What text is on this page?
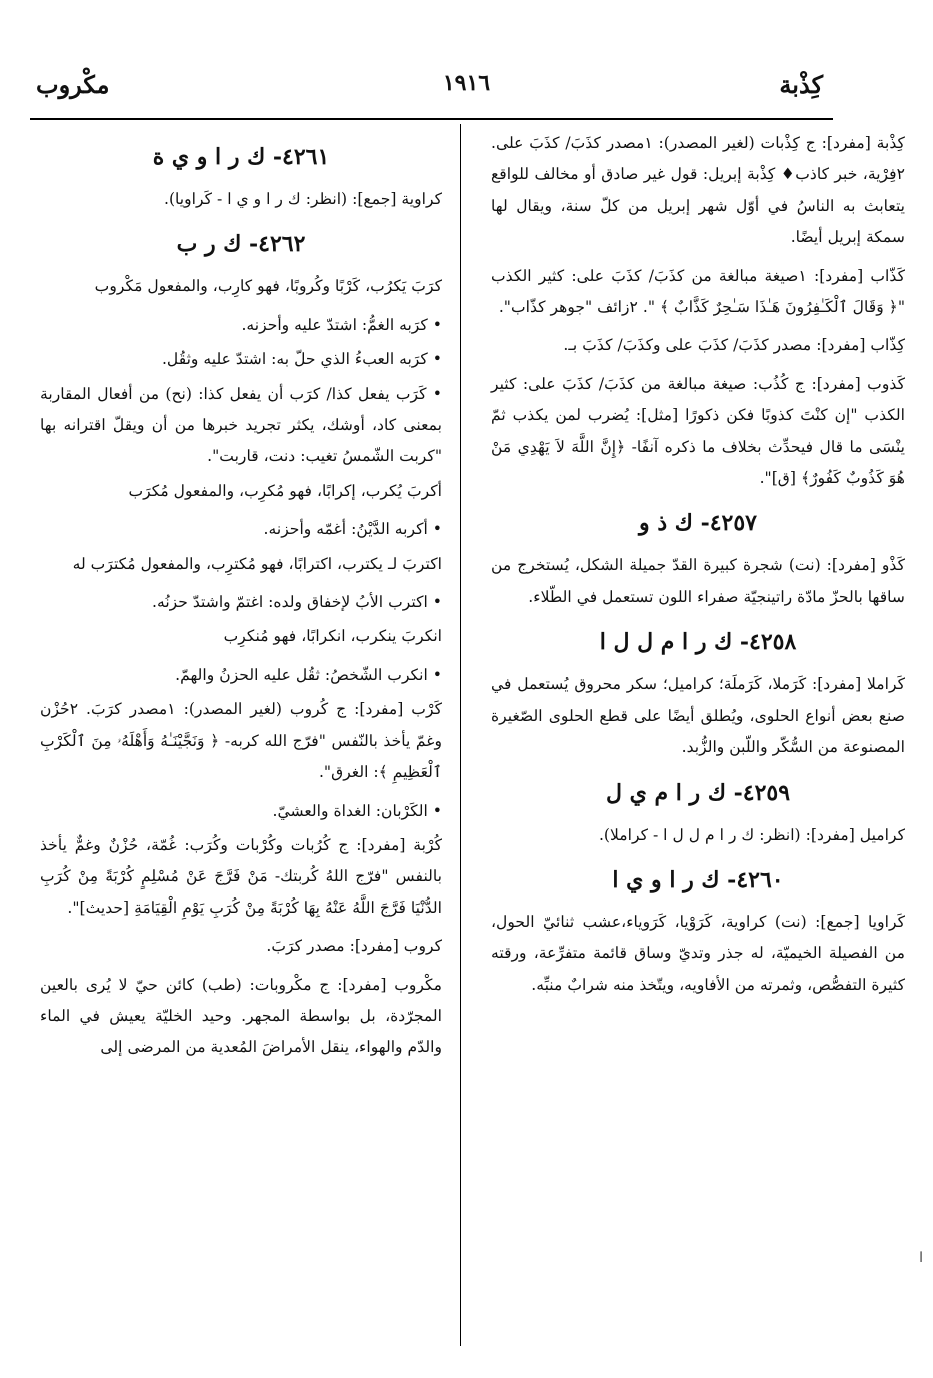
كِذْبة
١٩١٦
مكْروب
كِذْبة [مفرد]: ج كِذْبات (لغير المصدر): ١مصدر كذَبَ/ كذَبَ على. ٢فِرْية، خبر كاذب♦ كِذْبة إبريل: قول غير صادق أو مخالف للواقع يتعابث به الناسُ في أوّل شهر إبريل من كلّ سنة، ويقال لها سمكة إبريل أيضًا.
كَذّاب [مفرد]: ١صيغة مبالغة من كذَبَ/ كذَبَ على: كثير الكذب "﴿ وَقَالَ ٱلْكَـٰفِرُونَ هَـٰذَا سَـٰحِرٌ كَذَّابٌ ﴾ ". ٢زائف "جوهر كذّاب".
كِذّاب [مفرد]: مصدر كذَبَ/ كذَبَ على وكذَبَ/ كذَبَ بـ.
كَذوب [مفرد]: ج كُذُب: صيغة مبالغة من كذَبَ/ كذَبَ على: كثير الكذب "إن كنْتَ كذوبًا فكن ذكورًا [مثل]: يُضرب لمن يكذب ثمّ ينْسَى ما قال فيحدِّث بخلاف ما ذكره آنفًا- ﴿إِنَّ اللَّهَ لاَ يَهْدِي مَنْ هُوَ كَذُوبٌ كَفُورٌ﴾ [ق]".
٤٢٥٧- ك ذ و
كَذْو [مفرد]: (نت) شجرة كبيرة القدّ جميلة الشكل، يُستخرج من ساقها بالحزّ مادّة راتينجيّة صفراء اللون تستعمل في الطّلاء.
٤٢٥٨- ك ر ا م ل ل ا
كَراملا [مفرد]: كَرَملا، كَرَملَة؛ كراميل؛ سكر محروق يُستعمل في صنع بعض أنواع الحلوى، ويُطلق أيضًا على قطع الحلوى الصّغيرة المصنوعة من السُّكّر واللّبن والزُّبد.
٤٢٥٩- ك ر ا م ي ل
كراميل [مفرد]: (انظر: ك ر ا م ل ل ا - كراملا).
٤٢٦٠- ك ر ا و ي ا
كَراويا [جمع]: (نت) كراوية، كَرَوْيا، كَرَوياء،عشب ثنائيّ الحول، من الفصيلة الخيميّة، له جذر وتديّ وساق قائمة متفرِّعة، ورقته كثيرة التفصُّص، وثمرته من الأفاويه، ويتّخذ منه شرابٌ منبِّه.
٤٢٦١- ك ر ا و ي ة
كراوية [جمع]: (انظر: ك ر ا و ي ا - كَراويا).
٤٢٦٢- ك ر ب
كرَبَ يَكرُب، كَرْبًا وكُروبًا، فهو كارِب، والمفعول مَكْروب
• كرَبه الغمُّ: اشتدّ عليه وأحزنه.
• كرَبه العبءُ الذي حلّ به: اشتدّ عليه وثقُل.
• كَرَب يفعل كذا/ كرَب أن يفعل كذا: (نح) من أفعال المقاربة بمعنى كاد، أوشك، يكثر تجريد خبرها من أن ويقلّ اقترانه بها "كربت الشّمسُ تغيب: دنت، قاربت".
أكربَ يُكرب، إكرابًا، فهو مُكرِب، والمفعول مُكرَب
• أكربه الدَّيْنُ: أغمّه وأحزنه.
اكتربَ لـ يكترب، اكترابًا، فهو مُكترِب، والمفعول مُكترَب له
• اكترب الأبُ لإخفاق ولده: اغتمّ واشتدّ حزنُه.
انكربَ ينكرب، انكرابًا، فهو مُنكرِب
• انكرب الشّخصُ: ثقُل عليه الحزنُ والهمّ.
كَرْب [مفرد]: ج كُروب (لغير المصدر): ١مصدر كرَبَ. ٢حُزْن وغمّ يأخذ بالنّفس "فرّج الله كربه- ﴿ وَنَجَّيْنَـٰهُ وَأَهْلَهُۥ مِنَ ٱلْكَرْبِ ٱلْعَظِيمِ ﴾: الغرق".
• الكَرْبان: الغداة والعشيّ.
كُرْبة [مفرد]: ج كُرُبات وكُرْبات وكُرَب: غُمّة، حُزْنٌ وغمٌّ يأخذ بالنفس "فرّج اللهُ كُربتك- مَنْ فَرَّجَ عَنْ مُسْلِمٍ كُرْبَةً مِنْ كُرَبِ الدُّنْيَا فَرَّجَ اللَّهُ عَنْهُ بِهَا كُرْبَةً مِنْ كُرَبِ يَوْمِ الْقِيَامَةِ [حديث]".
كروب [مفرد]: مصدر كرَبَ.
مكْروب [مفرد]: ج مكْروبات: (طب) كائن حيّ لا يُرى بالعين المجرّدة، بل بواسطة المجهر. وحيد الخليّة يعيش في الماء والدّم والهواء، ينقل الأمراضَ المُعدية من المرضى إلى
ا
